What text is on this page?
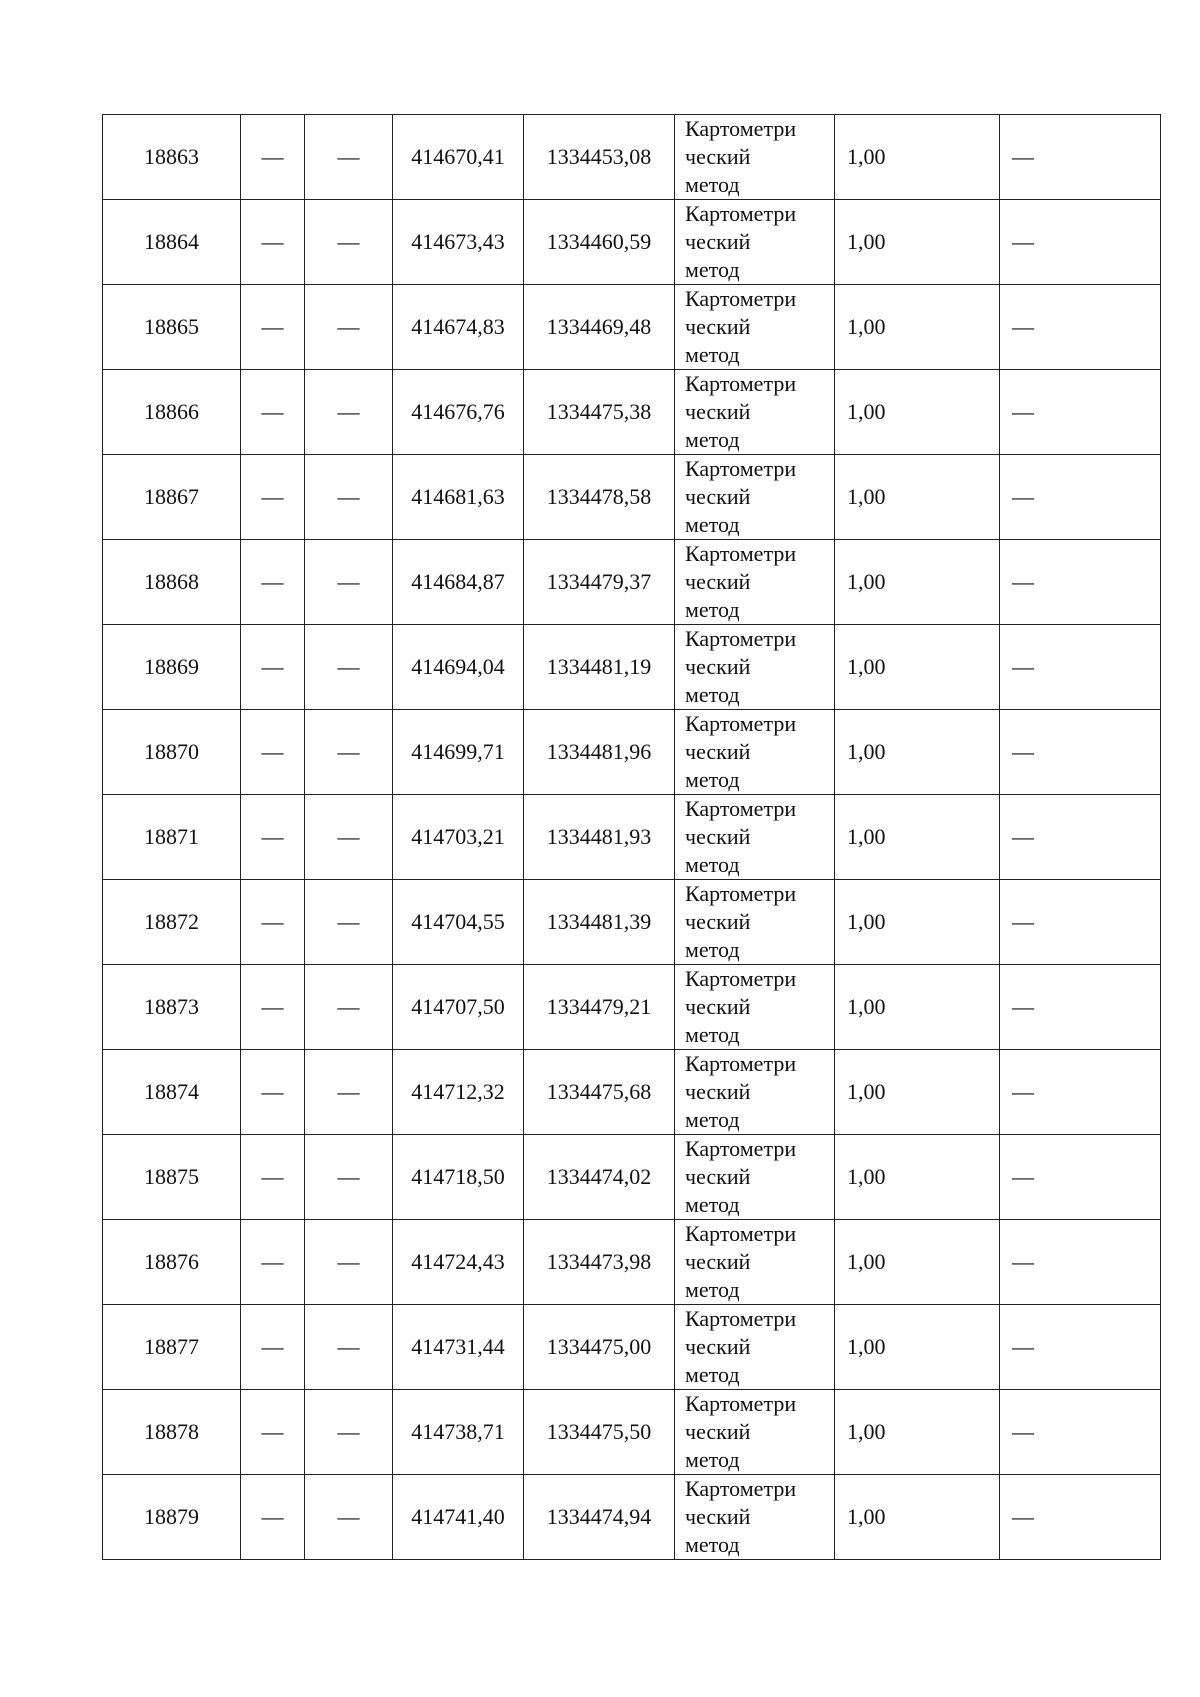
18863	—	—	414670,41	1334453,08	Картометри
ческий
метод	1,00	—
18864	—	—	414673,43	1334460,59	Картометри
ческий
метод	1,00	—
18865	—	—	414674,83	1334469,48	Картометри
ческий
метод	1,00	—
18866	—	—	414676,76	1334475,38	Картометри
ческий
метод	1,00	—
18867	—	—	414681,63	1334478,58	Картометри
ческий
метод	1,00	—
18868	—	—	414684,87	1334479,37	Картометри
ческий
метод	1,00	—
18869	—	—	414694,04	1334481,19	Картометри
ческий
метод	1,00	—
18870	—	—	414699,71	1334481,96	Картометри
ческий
метод	1,00	—
18871	—	—	414703,21	1334481,93	Картометри
ческий
метод	1,00	—
18872	—	—	414704,55	1334481,39	Картометри
ческий
метод	1,00	—
18873	—	—	414707,50	1334479,21	Картометри
ческий
метод	1,00	—
18874	—	—	414712,32	1334475,68	Картометри
ческий
метод	1,00	—
18875	—	—	414718,50	1334474,02	Картометри
ческий
метод	1,00	—
18876	—	—	414724,43	1334473,98	Картометри
ческий
метод	1,00	—
18877	—	—	414731,44	1334475,00	Картометри
ческий
метод	1,00	—
18878	—	—	414738,71	1334475,50	Картометри
ческий
метод	1,00	—
18879	—	—	414741,40	1334474,94	Картометри
ческий
метод	1,00	—
